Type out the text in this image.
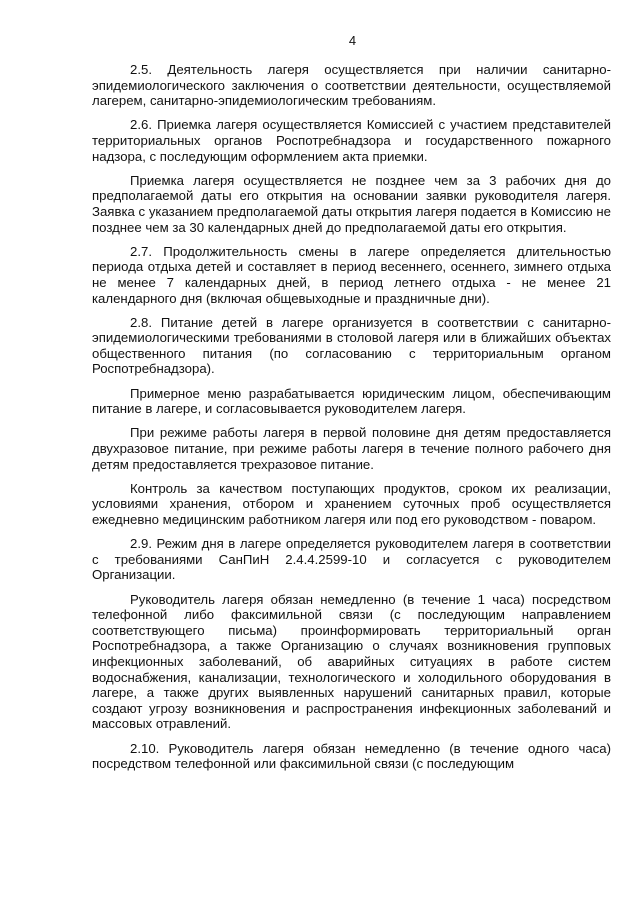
4

2.5. Деятельность лагеря осуществляется при наличии санитарно-эпидемиологического заключения о соответствии деятельности, осуществляемой лагерем, санитарно-эпидемиологическим требованиям.

2.6. Приемка лагеря осуществляется Комиссией с участием представителей территориальных органов Роспотребнадзора и государственного пожарного надзора, с последующим оформлением акта приемки.

Приемка лагеря осуществляется не позднее чем за 3 рабочих дня до предполагаемой даты его открытия на основании заявки руководителя лагеря. Заявка с указанием предполагаемой даты открытия лагеря подается в Комиссию не позднее чем за 30 календарных дней до предполагаемой даты его открытия.

2.7. Продолжительность смены в лагере определяется длительностью периода отдыха детей и составляет в период весеннего, осеннего, зимнего отдыха не менее 7 календарных дней, в период летнего отдыха - не менее 21 календарного дня (включая общевыходные и праздничные дни).

2.8. Питание детей в лагере организуется в соответствии с санитарно-эпидемиологическими требованиями в столовой лагеря или в ближайших объектах общественного питания (по согласованию с территориальным органом Роспотребнадзора).

Примерное меню разрабатывается юридическим лицом, обеспечивающим питание в лагере, и согласовывается руководителем лагеря.

При режиме работы лагеря в первой половине дня детям предоставляется двухразовое питание, при режиме работы лагеря в течение полного рабочего дня детям предоставляется трехразовое питание.

Контроль за качеством поступающих продуктов, сроком их реализации, условиями хранения, отбором и хранением суточных проб осуществляется ежедневно медицинским работником лагеря или под его руководством - поваром.

2.9. Режим дня в лагере определяется руководителем лагеря в соответствии с требованиями СанПиН 2.4.4.2599-10 и согласуется с руководителем Организации.

Руководитель лагеря обязан немедленно (в течение 1 часа) посредством телефонной либо факсимильной связи (с последующим направлением соответствующего письма) проинформировать территориальный орган Роспотребнадзора, а также Организацию о случаях возникновения групповых инфекционных заболеваний, об аварийных ситуациях в работе систем водоснабжения, канализации, технологического и холодильного оборудования в лагере, а также других выявленных нарушений санитарных правил, которые создают угрозу возникновения и распространения инфекционных заболеваний и массовых отравлений.

2.10. Руководитель лагеря обязан немедленно (в течение одного часа) посредством телефонной или факсимильной связи (с последующим
